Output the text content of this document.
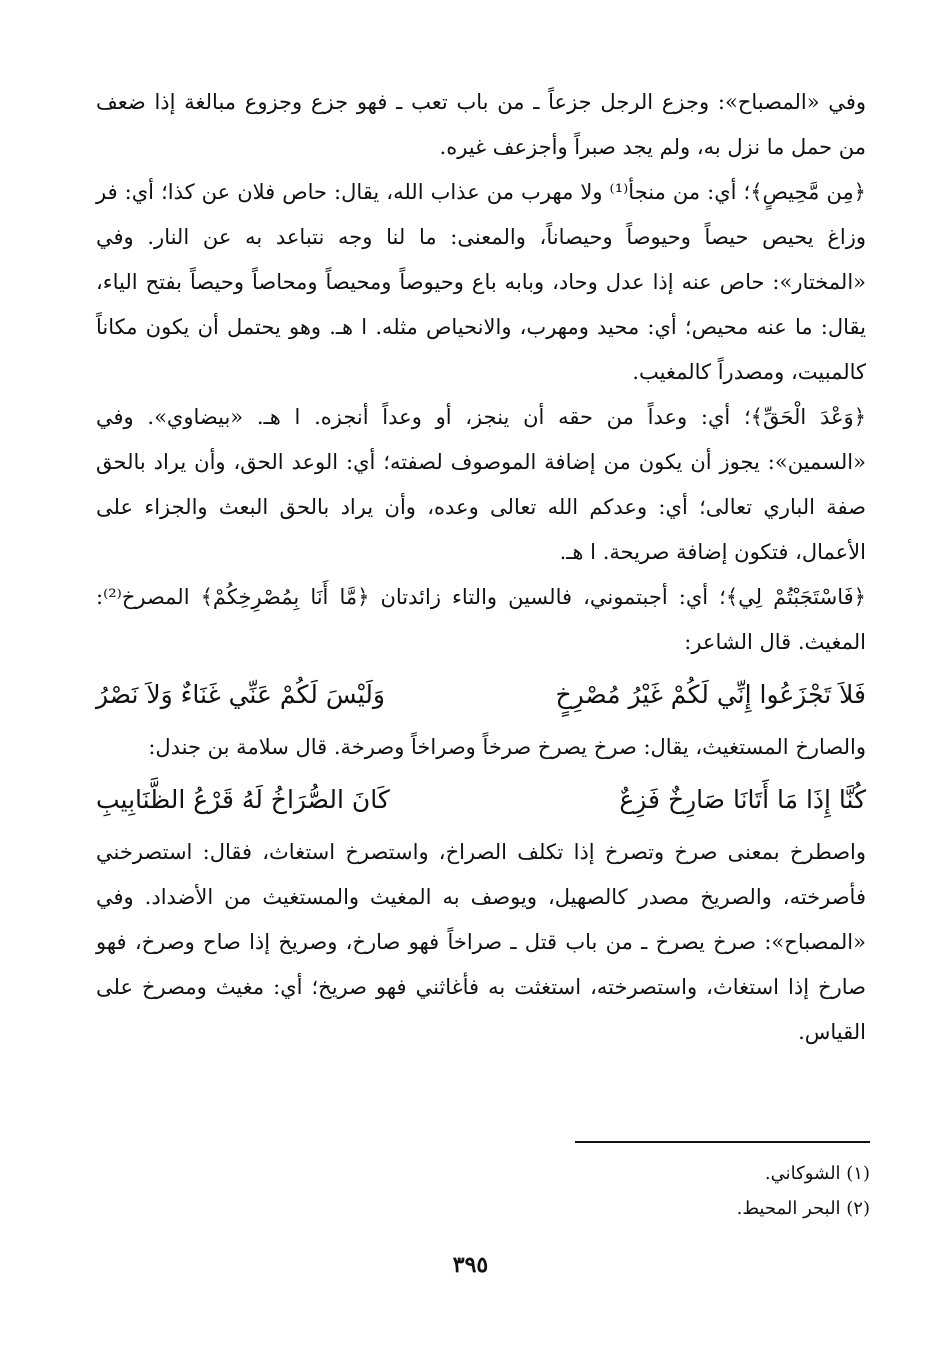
وفي «المصباح»: وجزع الرجل جزعاً ـ من باب تعب ـ فهو جزع وجزوع مبالغة إذا ضعف من حمل ما نزل به، ولم يجد صبراً وأجزعف غيره.

﴿مِن مَّحِيصٍ﴾؛ أي: من منجأ⁽¹⁾ ولا مهرب من عذاب الله، يقال: حاص فلان عن كذا؛ أي: فر وزاغ يحيص حيصاً وحيوصاً وحيصاناً، والمعنى: ما لنا وجه نتباعد به عن النار. وفي «المختار»: حاص عنه إذا عدل وحاد، وبابه باع وحيوصاً ومحيصاً ومحاصاً وحيصاً بفتح الياء، يقال: ما عنه محيص؛ أي: محيد ومهرب، والانحياص مثله. ا هـ. وهو يحتمل أن يكون مكاناً كالمبيت، ومصدراً كالمغيب.

﴿وَعْدَ الْحَقِّ﴾؛ أي: وعداً من حقه أن ينجز، أو وعداً أنجزه. ا هـ. «بيضاوي». وفي «السمين»: يجوز أن يكون من إضافة الموصوف لصفته؛ أي: الوعد الحق، وأن يراد بالحق صفة الباري تعالى؛ أي: وعدكم الله تعالى وعده، وأن يراد بالحق البعث والجزاء على الأعمال، فتكون إضافة صريحة. ا هـ.

﴿فَاسْتَجَبْتُمْ لِي﴾؛ أي: أجبتموني، فالسين والتاء زائدتان ﴿مَّا أَنَا بِمُصْرِخِكُمْ﴾ المصرخ⁽²⁾: المغيث. قال الشاعر:

فَلاَ تَجْزَعُوا إِنِّي لَكُمْ غَيْرُ مُصْرِخٍ
وَلَيْسَ لَكُمْ عَنِّي غَنَاءٌ وَلاَ نَصْرُ

والصارخ المستغيث، يقال: صرخ يصرخ صرخاً وصراخاً وصرخة. قال سلامة بن جندل:

كُنَّا إِذَا مَا أَتَانَا صَارِخٌ فَزِعٌ
كَانَ الصُّرَاخُ لَهُ قَرْعُ الظَّنَابِيبِ

واصطرخ بمعنى صرخ وتصرخ إذا تكلف الصراخ، واستصرخ استغاث، فقال: استصرخني فأصرخته، والصريخ مصدر كالصهيل، ويوصف به المغيث والمستغيث من الأضداد. وفي «المصباح»: صرخ يصرخ ـ من باب قتل ـ صراخاً فهو صارخ، وصريخ إذا صاح وصرخ، فهو صارخ إذا استغاث، واستصرخته، استغثت به فأغاثني فهو صريخ؛ أي: مغيث ومصرخ على القياس.

(١) الشوكاني.
(٢) البحر المحيط.
٣٩٥
